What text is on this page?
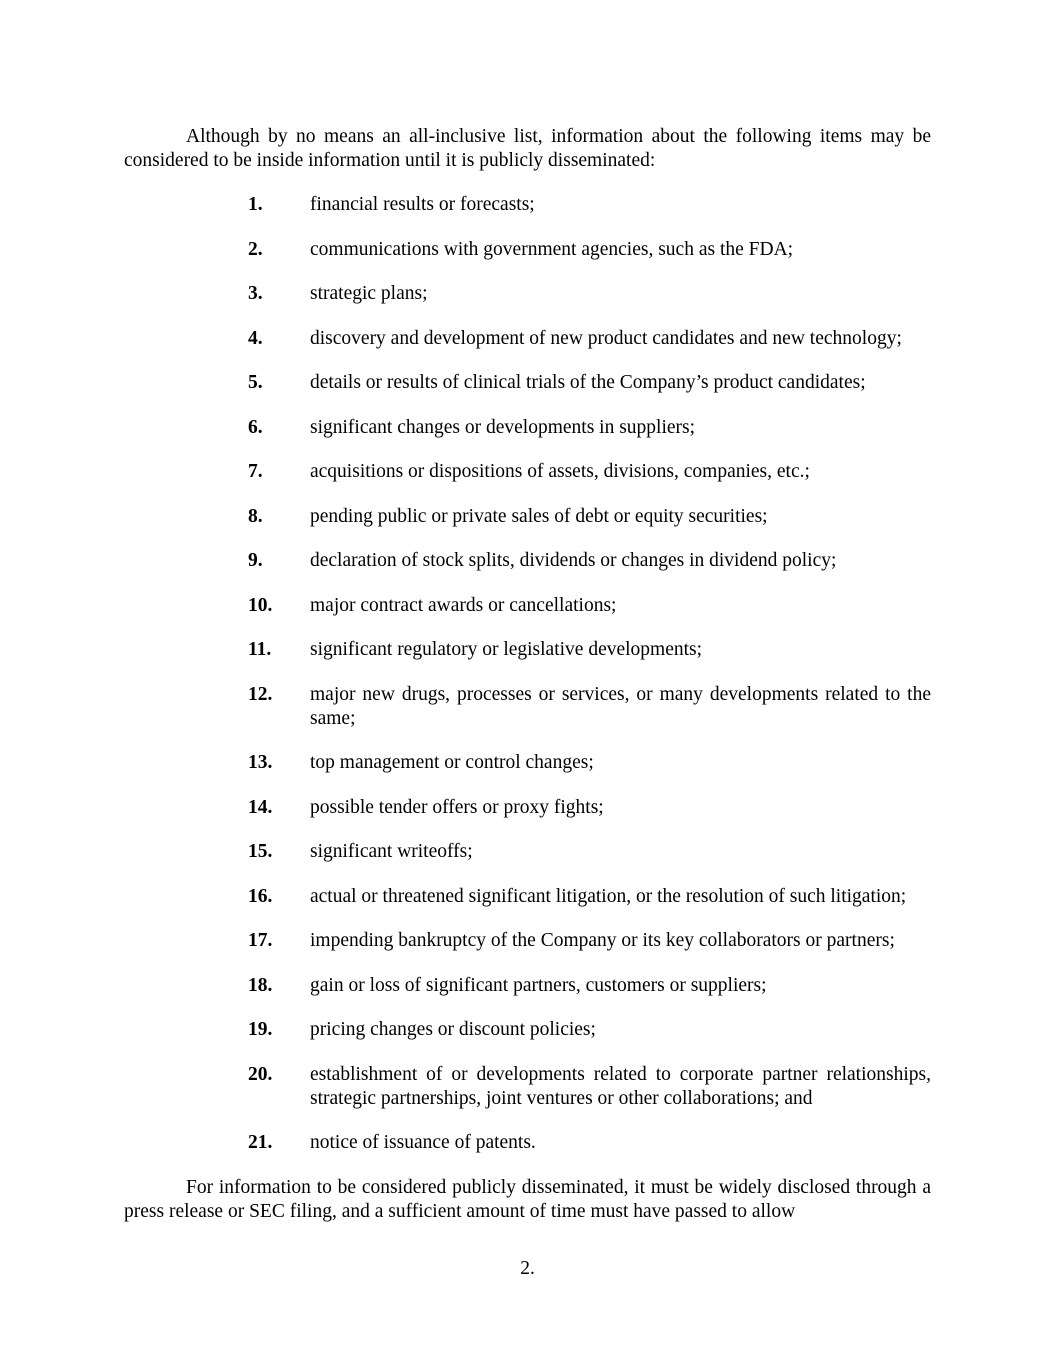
Although by no means an all-inclusive list, information about the following items may be considered to be inside information until it is publicly disseminated:

1.	financial results or forecasts;
2.	communications with government agencies, such as the FDA;
3.	strategic plans;
4.	discovery and development of new product candidates and new technology;
5.	details or results of clinical trials of the Company’s product candidates;
6.	significant changes or developments in suppliers;
7.	acquisitions or dispositions of assets, divisions, companies, etc.;
8.	pending public or private sales of debt or equity securities;
9.	declaration of stock splits, dividends or changes in dividend policy;
10.	major contract awards or cancellations;
11.	significant regulatory or legislative developments;
12.	major new drugs, processes or services, or many developments related to the same;
13.	top management or control changes;
14.	possible tender offers or proxy fights;
15.	significant writeoffs;
16.	actual or threatened significant litigation, or the resolution of such litigation;
17.	impending bankruptcy of the Company or its key collaborators or partners;
18.	gain or loss of significant partners, customers or suppliers;
19.	pricing changes or discount policies;
20.	establishment of or developments related to corporate partner relationships, strategic partnerships, joint ventures or other collaborations; and
21.	notice of issuance of patents.

For information to be considered publicly disseminated, it must be widely disclosed through a press release or SEC filing, and a sufficient amount of time must have passed to allow

2.
